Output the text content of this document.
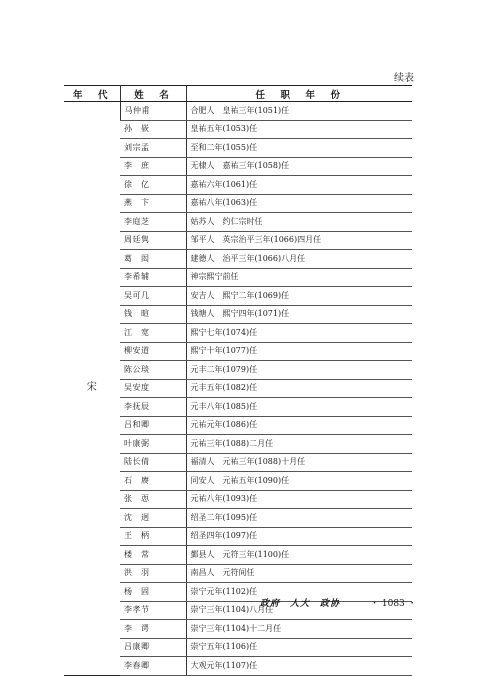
续表
年　代	姓　名	任　职　年　份
宋	马仲甫	合肥人　皇祐三年(1051)任
	孙　嵚	皇祐五年(1053)任
	刘宗孟	至和二年(1055)任
	李　庶	无棣人　嘉祐三年(1058)任
	徐　亿	嘉祐六年(1061)任
	燕　卞	嘉祐八年(1063)任
	李庭芝	姑苏人　约仁宗时任
	周廷隽	邹平人　英宗治平三年(1066)四月任
	葛　闳	建德人　治平三年(1066)八月任
	李希辅	神宗熙宁前任
	吴可几	安吉人　熙宁二年(1069)任
	钱　暄	钱塘人　熙宁四年(1071)任
	江　宽	熙宁七年(1074)任
	柳安道	熙宁十年(1077)任
	陈公琰	元丰二年(1079)任
	吴安度	元丰五年(1082)任
	李抚辰	元丰八年(1085)任
	吕和卿	元祐元年(1086)任
	叶康弼	元祐三年(1088)二月任
	陆长倩	福清人　元祐三年(1088)十月任
	石　赓	同安人　元祐五年(1090)任
	张　恧	元祐八年(1093)任
	沈　迥	绍圣二年(1095)任
	王　柄	绍圣四年(1097)任
	楼　常	鄞县人　元符三年(1100)任
	洪　羽	南昌人　元符间任
	杨　固	崇宁元年(1102)任
	李孝节	崇宁三年(1104)八月任
	李　谔	崇宁三年(1104)十二月任
	吕康卿	崇宁五年(1106)任
	李春卿	大观元年(1107)任
政府　人大　政协	・ 1083 ・
